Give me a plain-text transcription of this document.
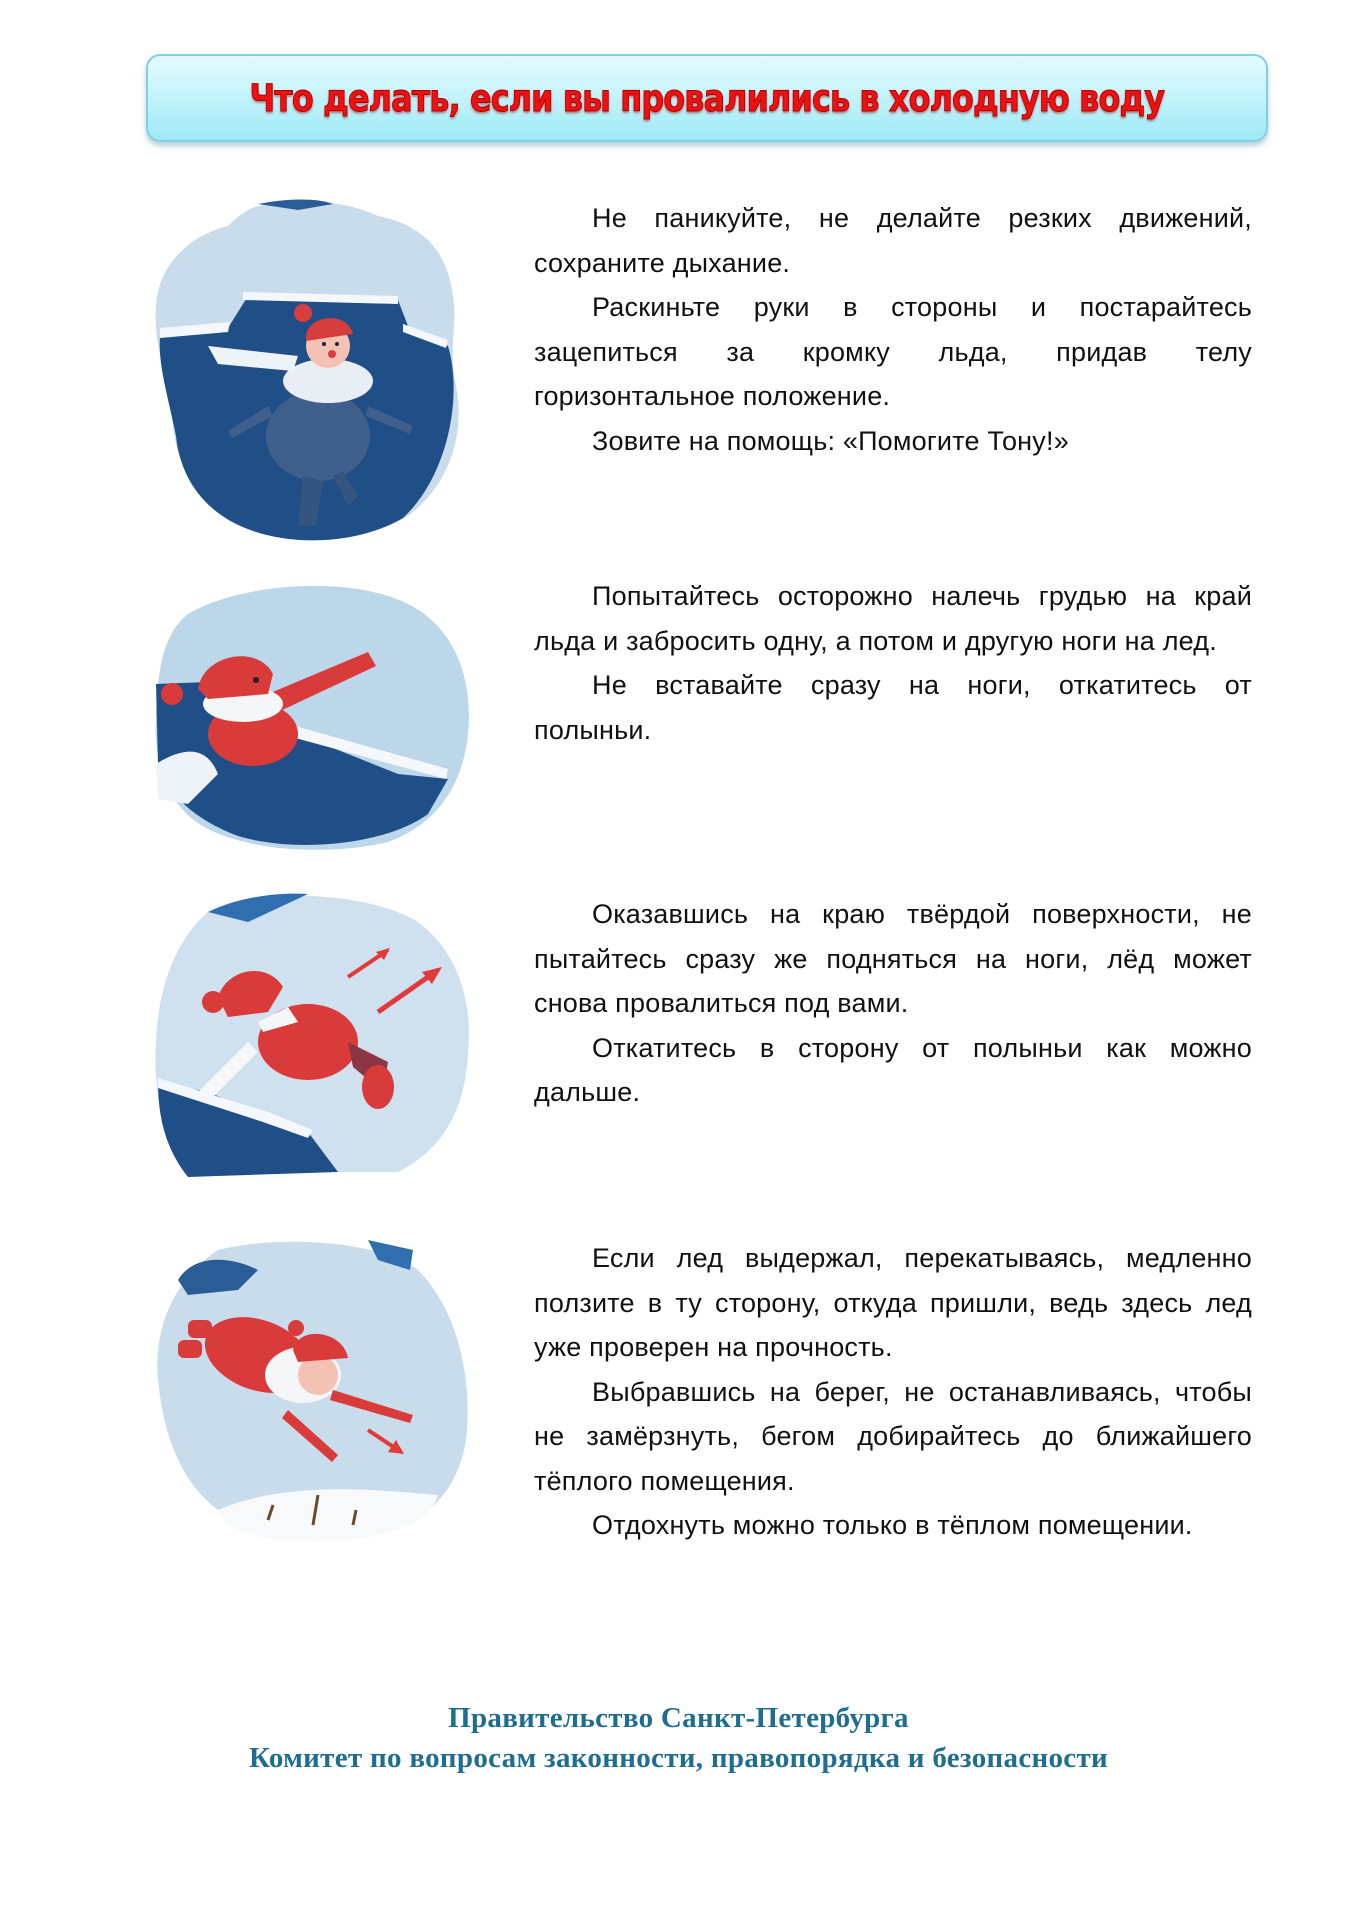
Что делать, если вы провалились в холодную воду

Не паникуйте, не делайте резких движений, сохраните дыхание.

Раскиньте руки в стороны и постарайтесь зацепиться за кромку льда, придав телу горизонтальное положение.

Зовите на помощь: «Помогите Тону!»

Попытайтесь осторожно налечь грудью на край льда и забросить одну, а потом и другую ноги на лед.

Не вставайте сразу на ноги, откатитесь от полыньи.

Оказавшись на краю твёрдой поверхности, не пытайтесь сразу же подняться на ноги, лёд может снова провалиться под вами.

Откатитесь в сторону от полыньи как можно дальше.

Если лед выдержал, перекатываясь, медленно ползите в ту сторону, откуда пришли, ведь здесь лед уже проверен на прочность.

Выбравшись на берег, не останавливаясь, чтобы не замёрзнуть, бегом добирайтесь до ближайшего тёплого помещения.

Отдохнуть можно только в тёплом помещении.

Правительство Санкт-Петербурга
Комитет по вопросам законности, правопорядка и безопасности
